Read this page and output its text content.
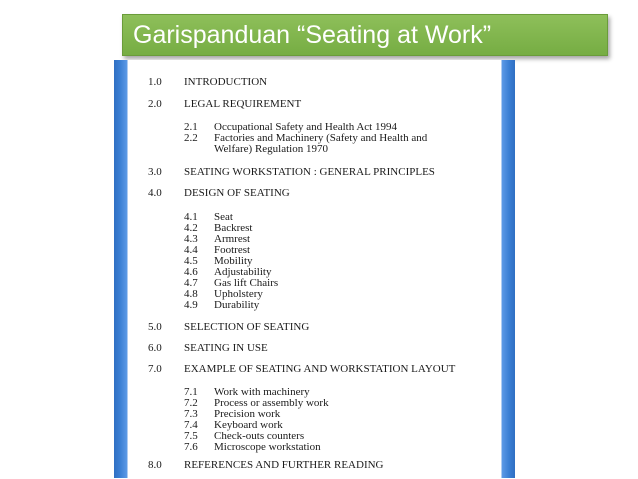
Garispanduan “Seating at Work”
1.0 INTRODUCTION
2.0 LEGAL REQUIREMENT
2.1 Occupational Safety and Health Act 1994
2.2 Factories and Machinery (Safety and Health and
Welfare) Regulation 1970
3.0 SEATING WORKSTATION : GENERAL PRINCIPLES
4.0 DESIGN OF SEATING
4.1 Seat
4.2 Backrest
4.3 Armrest
4.4 Footrest
4.5 Mobility
4.6 Adjustability
4.7 Gas lift Chairs
4.8 Upholstery
4.9 Durability
5.0 SELECTION OF SEATING
6.0 SEATING IN USE
7.0 EXAMPLE OF SEATING AND WORKSTATION LAYOUT
7.1 Work with machinery
7.2 Process or assembly work
7.3 Precision work
7.4 Keyboard work
7.5 Check-outs counters
7.6 Microscope workstation
8.0 REFERENCES AND FURTHER READING
